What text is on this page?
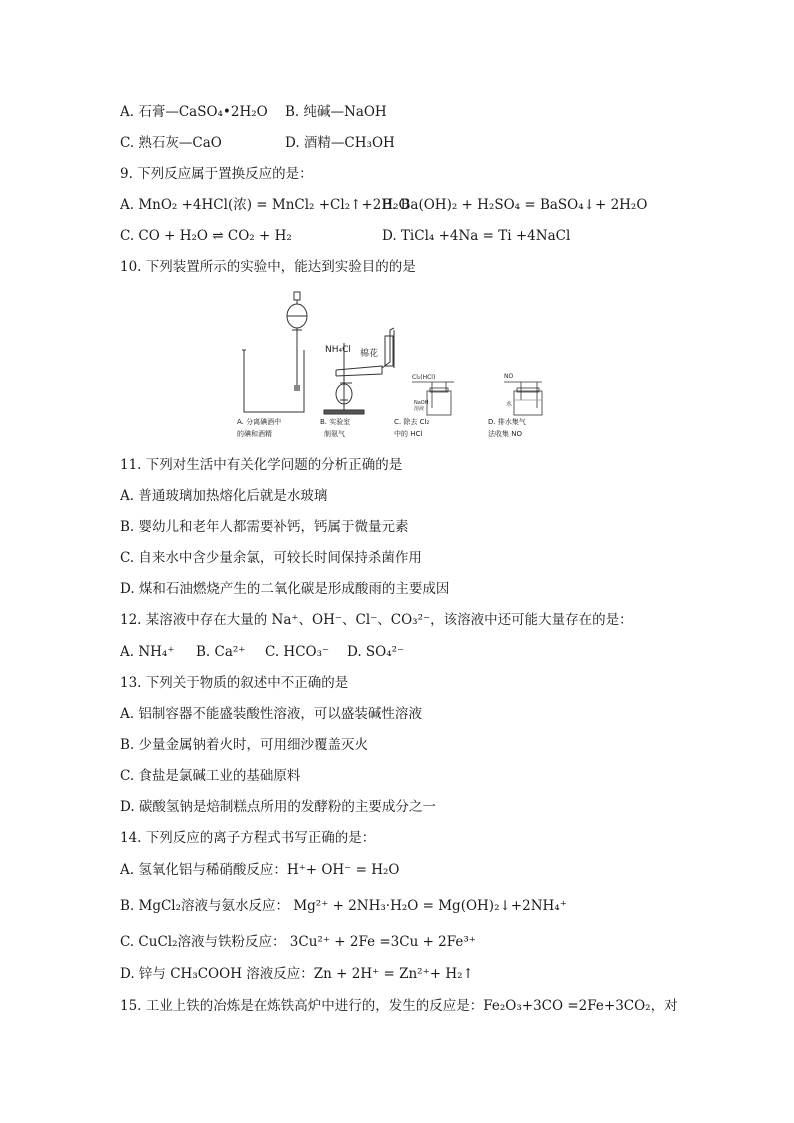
A. 石膏—CaSO₄•2H₂O B. 纯碱—NaOH
C. 熟石灰—CaO	D. 酒精—CH₃OH
9. 下列反应属于置换反应的是：
A. MnO₂ +4HCl(浓) = MnCl₂ +Cl₂↑+2H₂OB. Ba(OH)₂ + H₂SO₄ = BaSO₄↓+ 2H₂O
C. CO + H₂O ⇌ CO₂ + H₂	D. TiCl₄ +4Na = Ti +4NaCl
10. 下列装置所示的实验中，能达到实验目的的是
NH₄Cl 棉花
Cl₂(HCl)
NaOH
溶液
NO
水
A. 分离碘酒中
的碘和酒精
B. 实验室
制氨气
C. 除去 Cl₂
中的 HCl
D. 排水集气
法收集 NO
11. 下列对生活中有关化学问题的分析正确的是
A. 普通玻璃加热熔化后就是水玻璃
B. 婴幼儿和老年人都需要补钙，钙属于微量元素
C. 自来水中含少量余氯，可较长时间保持杀菌作用
D. 煤和石油燃烧产生的二氧化碳是形成酸雨的主要成因
12. 某溶液中存在大量的 Na⁺、OH⁻、Cl⁻、CO₃²⁻，该溶液中还可能大量存在的是：
A. NH₄⁺ B. Ca²⁺ C. HCO₃⁻ D. SO₄²⁻
13. 下列关于物质的叙述中不正确的是
A. 铝制容器不能盛装酸性溶液，可以盛装碱性溶液
B. 少量金属钠着火时，可用细沙覆盖灭火
C. 食盐是氯碱工业的基础原料
D. 碳酸氢钠是焙制糕点所用的发酵粉的主要成分之一
14. 下列反应的离子方程式书写正确的是：
A. 氢氧化铝与稀硝酸反应：H⁺+ OH⁻ = H₂O
B. MgCl₂溶液与氨水反应： Mg²⁺ + 2NH₃·H₂O = Mg(OH)₂↓+2NH₄⁺
C. CuCl₂溶液与铁粉反应： 3Cu²⁺ + 2Fe =3Cu + 2Fe³⁺
D. 锌与 CH₃COOH 溶液反应：Zn + 2H⁺ = Zn²⁺+ H₂↑
15. 工业上铁的冶炼是在炼铁高炉中进行的，发生的反应是：Fe₂O₃+3CO =2Fe+3CO₂，对
